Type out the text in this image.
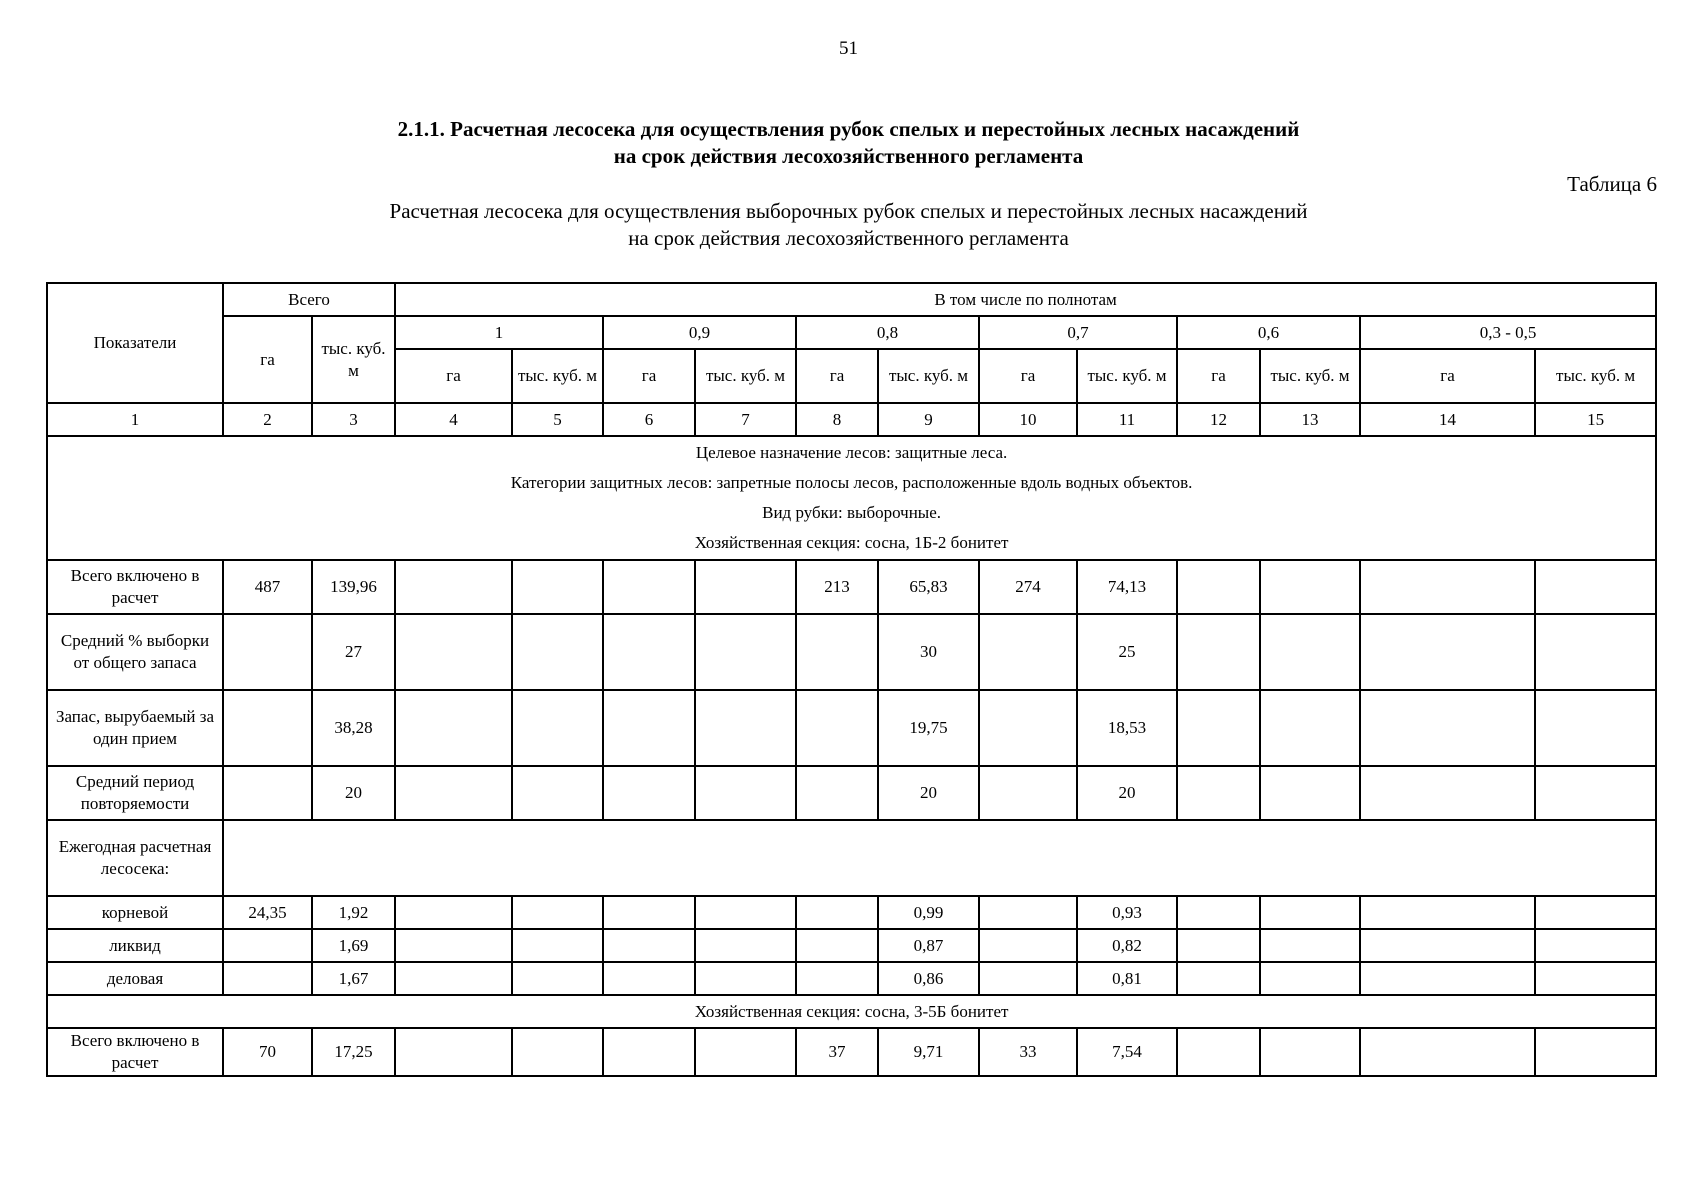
51
2.1.1. Расчетная лесосека для осуществления рубок спелых и перестойных лесных насаждений
на срок действия лесохозяйственного регламента
Таблица 6
Расчетная лесосека для осуществления выборочных рубок спелых и перестойных лесных насаждений
на срок действия лесохозяйственного регламента
Показатели	Всего		В том числе по полнотам											
	га	тыс. куб. м	1		0,9		0,8		0,7		0,6		0,3 - 0,5	
			га	тыс. куб. м	га	тыс. куб. м	га	тыс. куб. м	га	тыс. куб. м	га	тыс. куб. м	га	тыс. куб. м
1	2	3	4	5	6	7	8	9	10	11	12	13	14	15

Целевое назначение лесов: защитные леса.
Категории защитных лесов: запретные полосы лесов, расположенные вдоль водных объектов.
Вид рубки: выборочные.
Хозяйственная секция: сосна, 1Б-2 бонитет														

Всего включено в расчет	487	139,96					213	65,83	274	74,13				
Средний % выборки от общего запаса		27						30		25				
Запас, вырубаемый за один прием		38,28						19,75		18,53				
Средний период повторяемости		20						20		20				
Ежегодная расчетная лесосека:														
корневой	24,35	1,92						0,99		0,93				
ликвид		1,69						0,87		0,82				
деловая		1,67						0,86		0,81				
Хозяйственная секция: сосна, 3-5Б бонитет														
Всего включено в расчет	70	17,25					37	9,71	33	7,54				
